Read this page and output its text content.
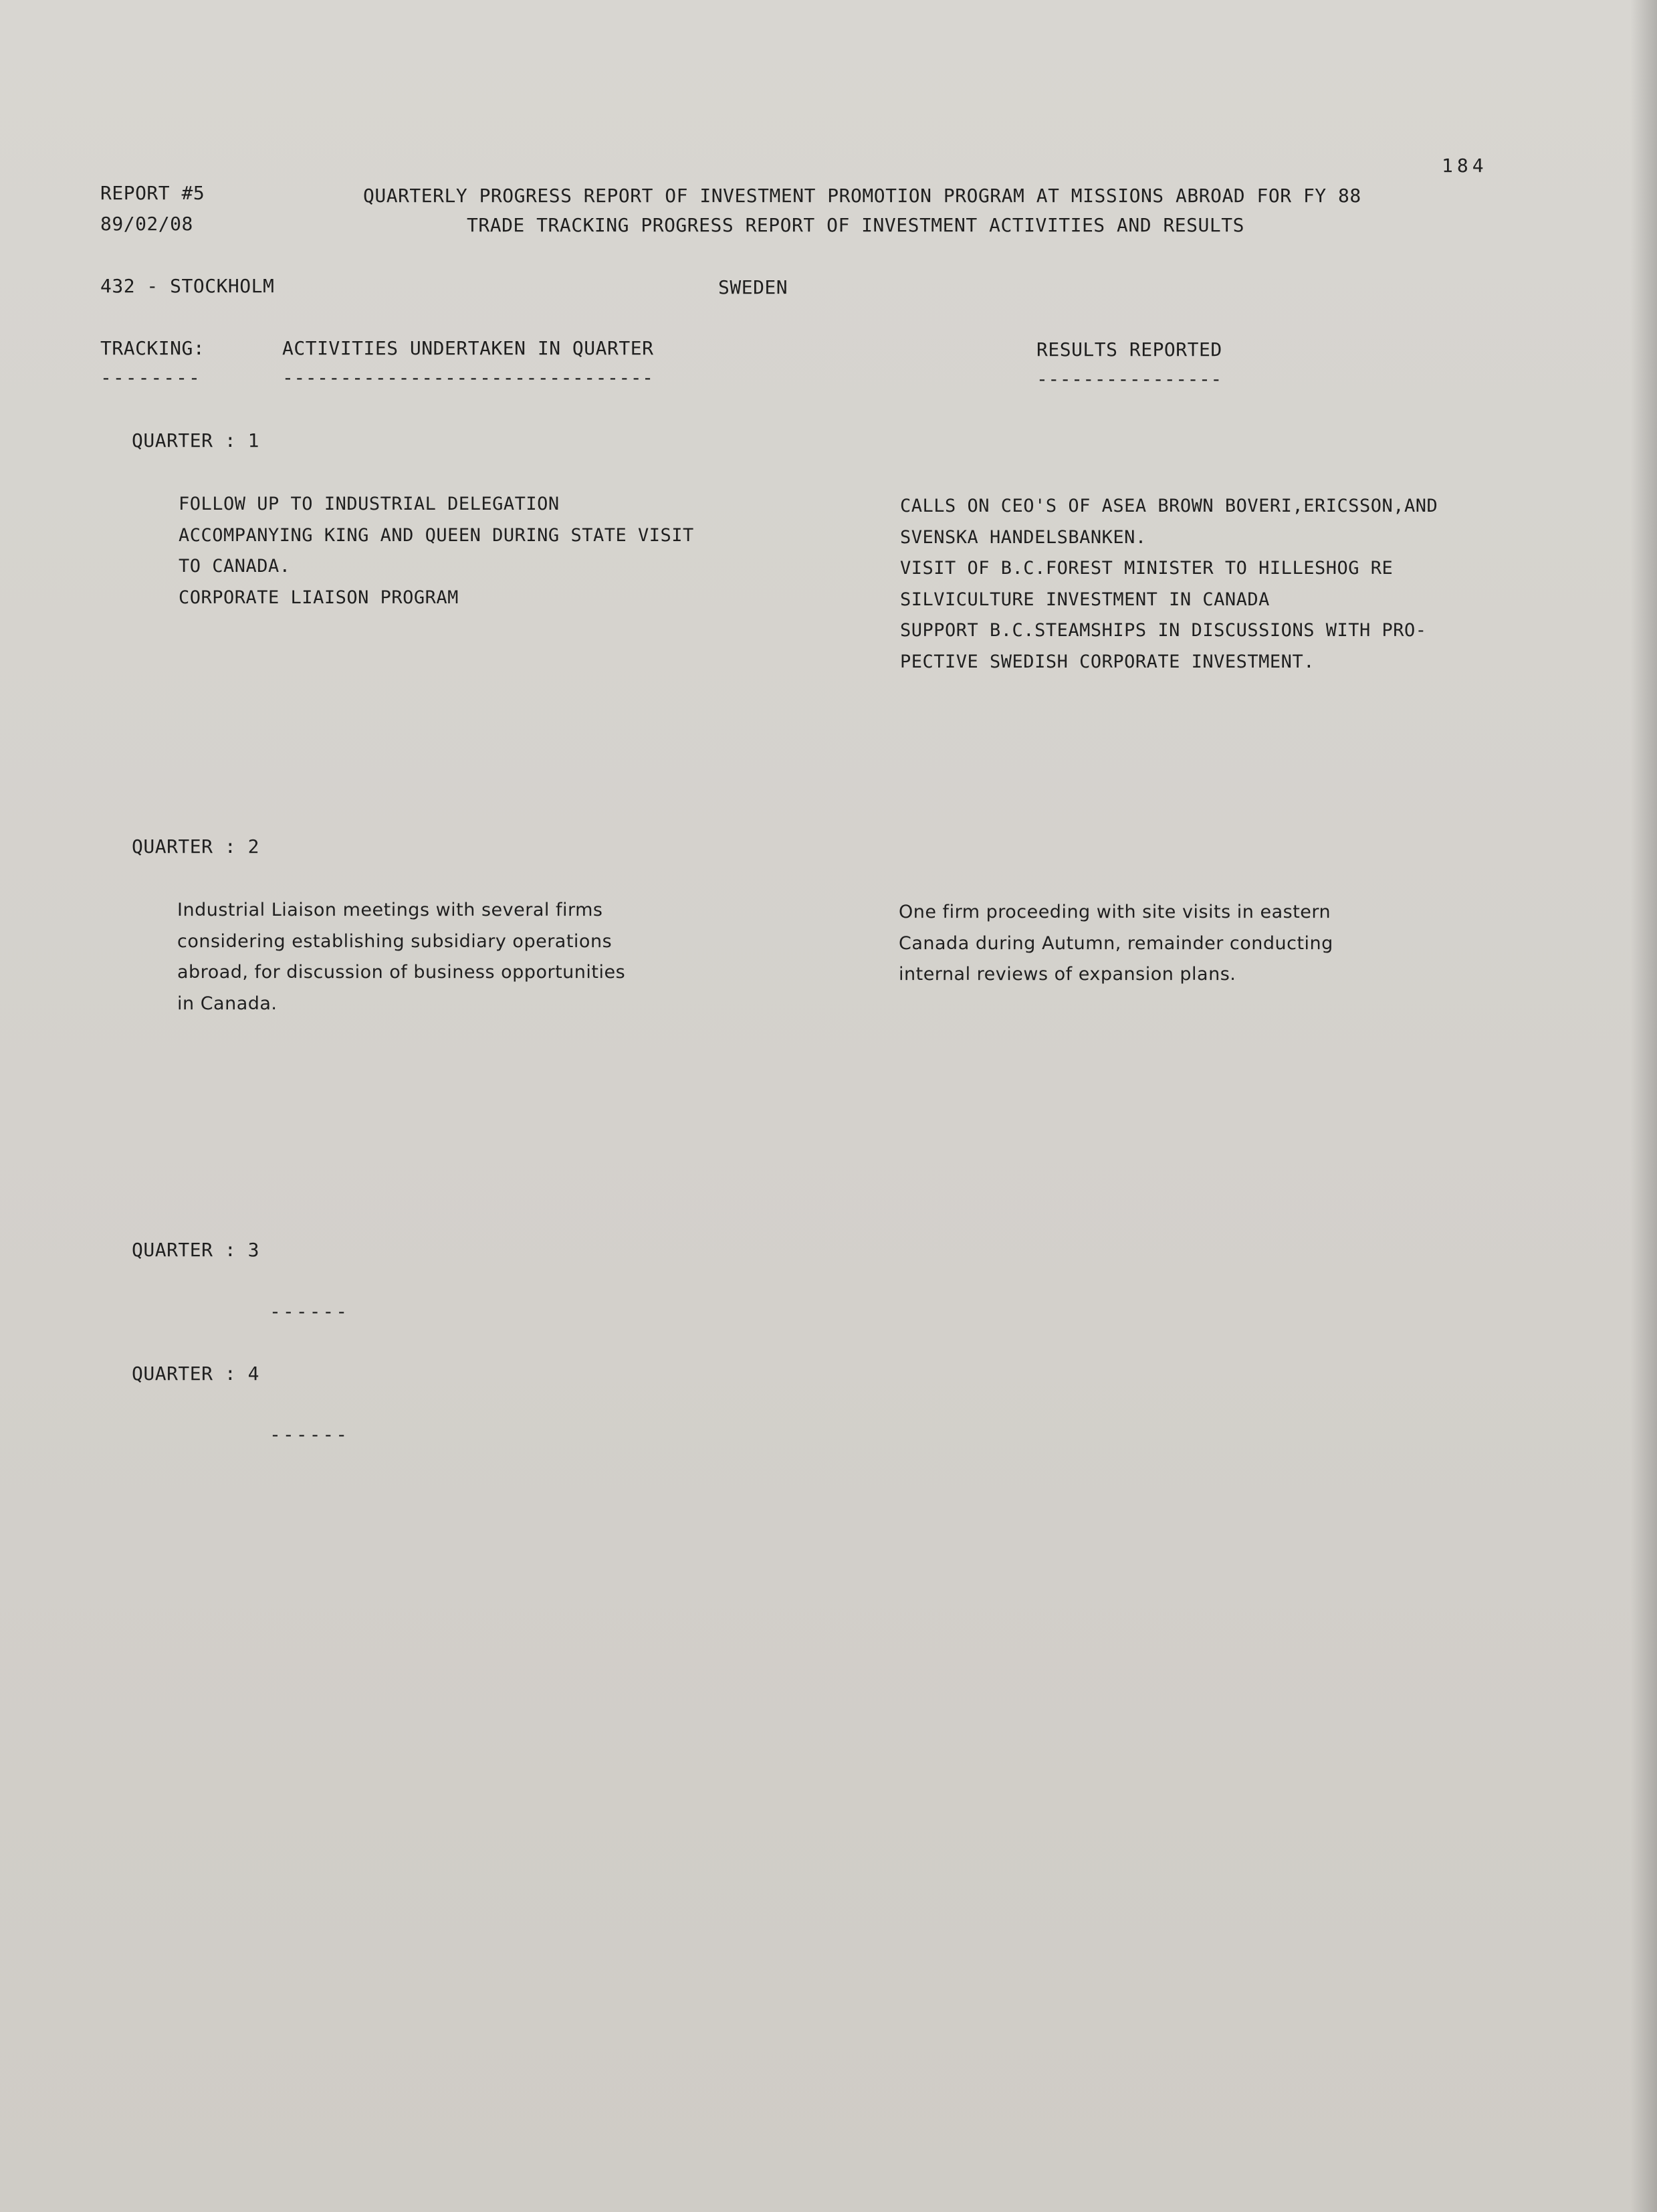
REPORT #5
89/02/08
QUARTERLY PROGRESS REPORT OF INVESTMENT PROMOTION PROGRAM AT MISSIONS ABROAD FOR FY 88
TRADE TRACKING PROGRESS REPORT OF INVESTMENT ACTIVITIES AND RESULTS
184
432 - STOCKHOLM	SWEDEN
TRACKING:
--------
ACTIVITIES UNDERTAKEN IN QUARTER
--------------------------------
RESULTS REPORTED
----------------
QUARTER : 1
FOLLOW UP TO INDUSTRIAL DELEGATION
ACCOMPANYING KING AND QUEEN DURING STATE VISIT
TO CANADA.
CORPORATE LIAISON PROGRAM
CALLS ON CEO'S OF ASEA BROWN BOVERI,ERICSSON,AND
SVENSKA HANDELSBANKEN.
VISIT OF B.C.FOREST MINISTER TO HILLESHOG RE
SILVICULTURE INVESTMENT IN CANADA
SUPPORT B.C.STEAMSHIPS IN DISCUSSIONS WITH PRO-
PECTIVE SWEDISH CORPORATE INVESTMENT.
QUARTER : 2
Industrial Liaison meetings with several firms
considering establishing subsidiary operations
abroad, for discussion of business opportunities
in Canada.
One firm proceeding with site visits in eastern
Canada during Autumn, remainder conducting
internal reviews of expansion plans.
QUARTER : 3
------
QUARTER : 4
------
